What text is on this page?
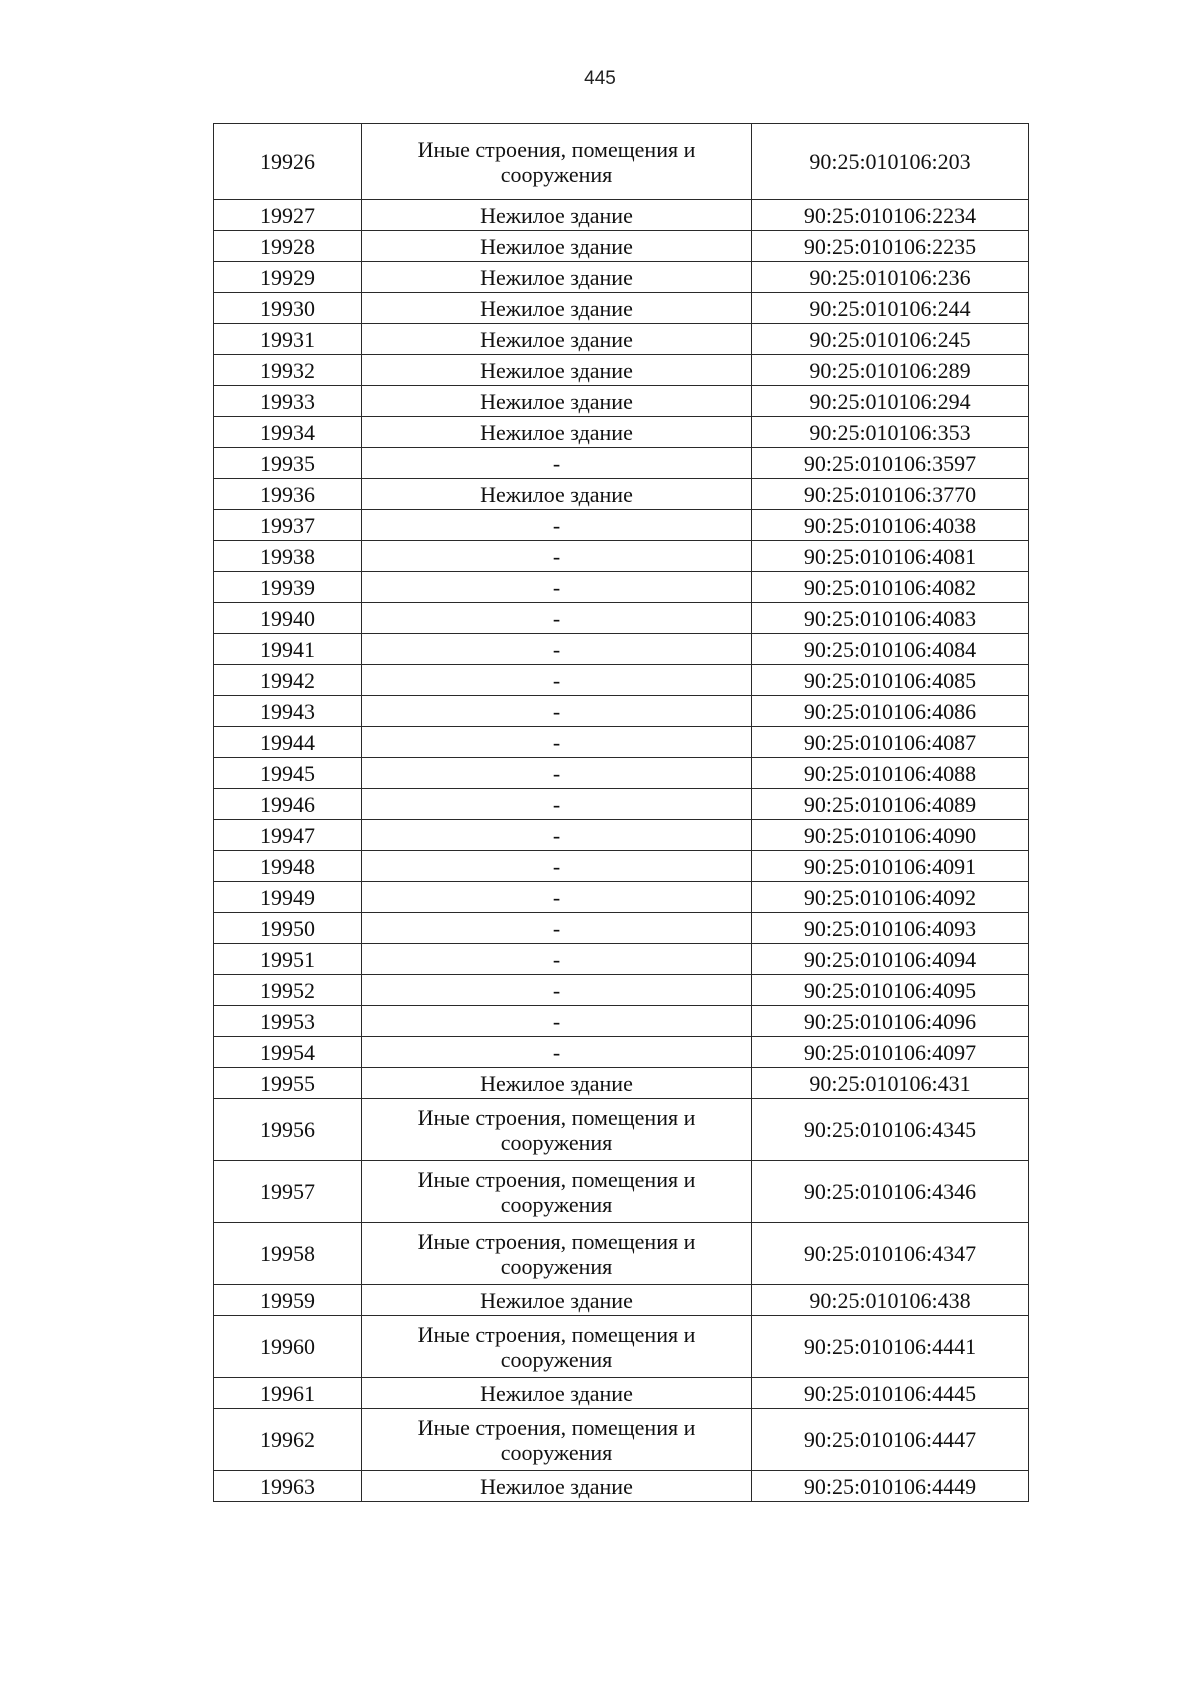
445
19926	Иные строения, помещения и сооружения	90:25:010106:203
19927	Нежилое здание	90:25:010106:2234
19928	Нежилое здание	90:25:010106:2235
19929	Нежилое здание	90:25:010106:236
19930	Нежилое здание	90:25:010106:244
19931	Нежилое здание	90:25:010106:245
19932	Нежилое здание	90:25:010106:289
19933	Нежилое здание	90:25:010106:294
19934	Нежилое здание	90:25:010106:353
19935	-	90:25:010106:3597
19936	Нежилое здание	90:25:010106:3770
19937	-	90:25:010106:4038
19938	-	90:25:010106:4081
19939	-	90:25:010106:4082
19940	-	90:25:010106:4083
19941	-	90:25:010106:4084
19942	-	90:25:010106:4085
19943	-	90:25:010106:4086
19944	-	90:25:010106:4087
19945	-	90:25:010106:4088
19946	-	90:25:010106:4089
19947	-	90:25:010106:4090
19948	-	90:25:010106:4091
19949	-	90:25:010106:4092
19950	-	90:25:010106:4093
19951	-	90:25:010106:4094
19952	-	90:25:010106:4095
19953	-	90:25:010106:4096
19954	-	90:25:010106:4097
19955	Нежилое здание	90:25:010106:431
19956	Иные строения, помещения и сооружения	90:25:010106:4345
19957	Иные строения, помещения и сооружения	90:25:010106:4346
19958	Иные строения, помещения и сооружения	90:25:010106:4347
19959	Нежилое здание	90:25:010106:438
19960	Иные строения, помещения и сооружения	90:25:010106:4441
19961	Нежилое здание	90:25:010106:4445
19962	Иные строения, помещения и сооружения	90:25:010106:4447
19963	Нежилое здание	90:25:010106:4449
